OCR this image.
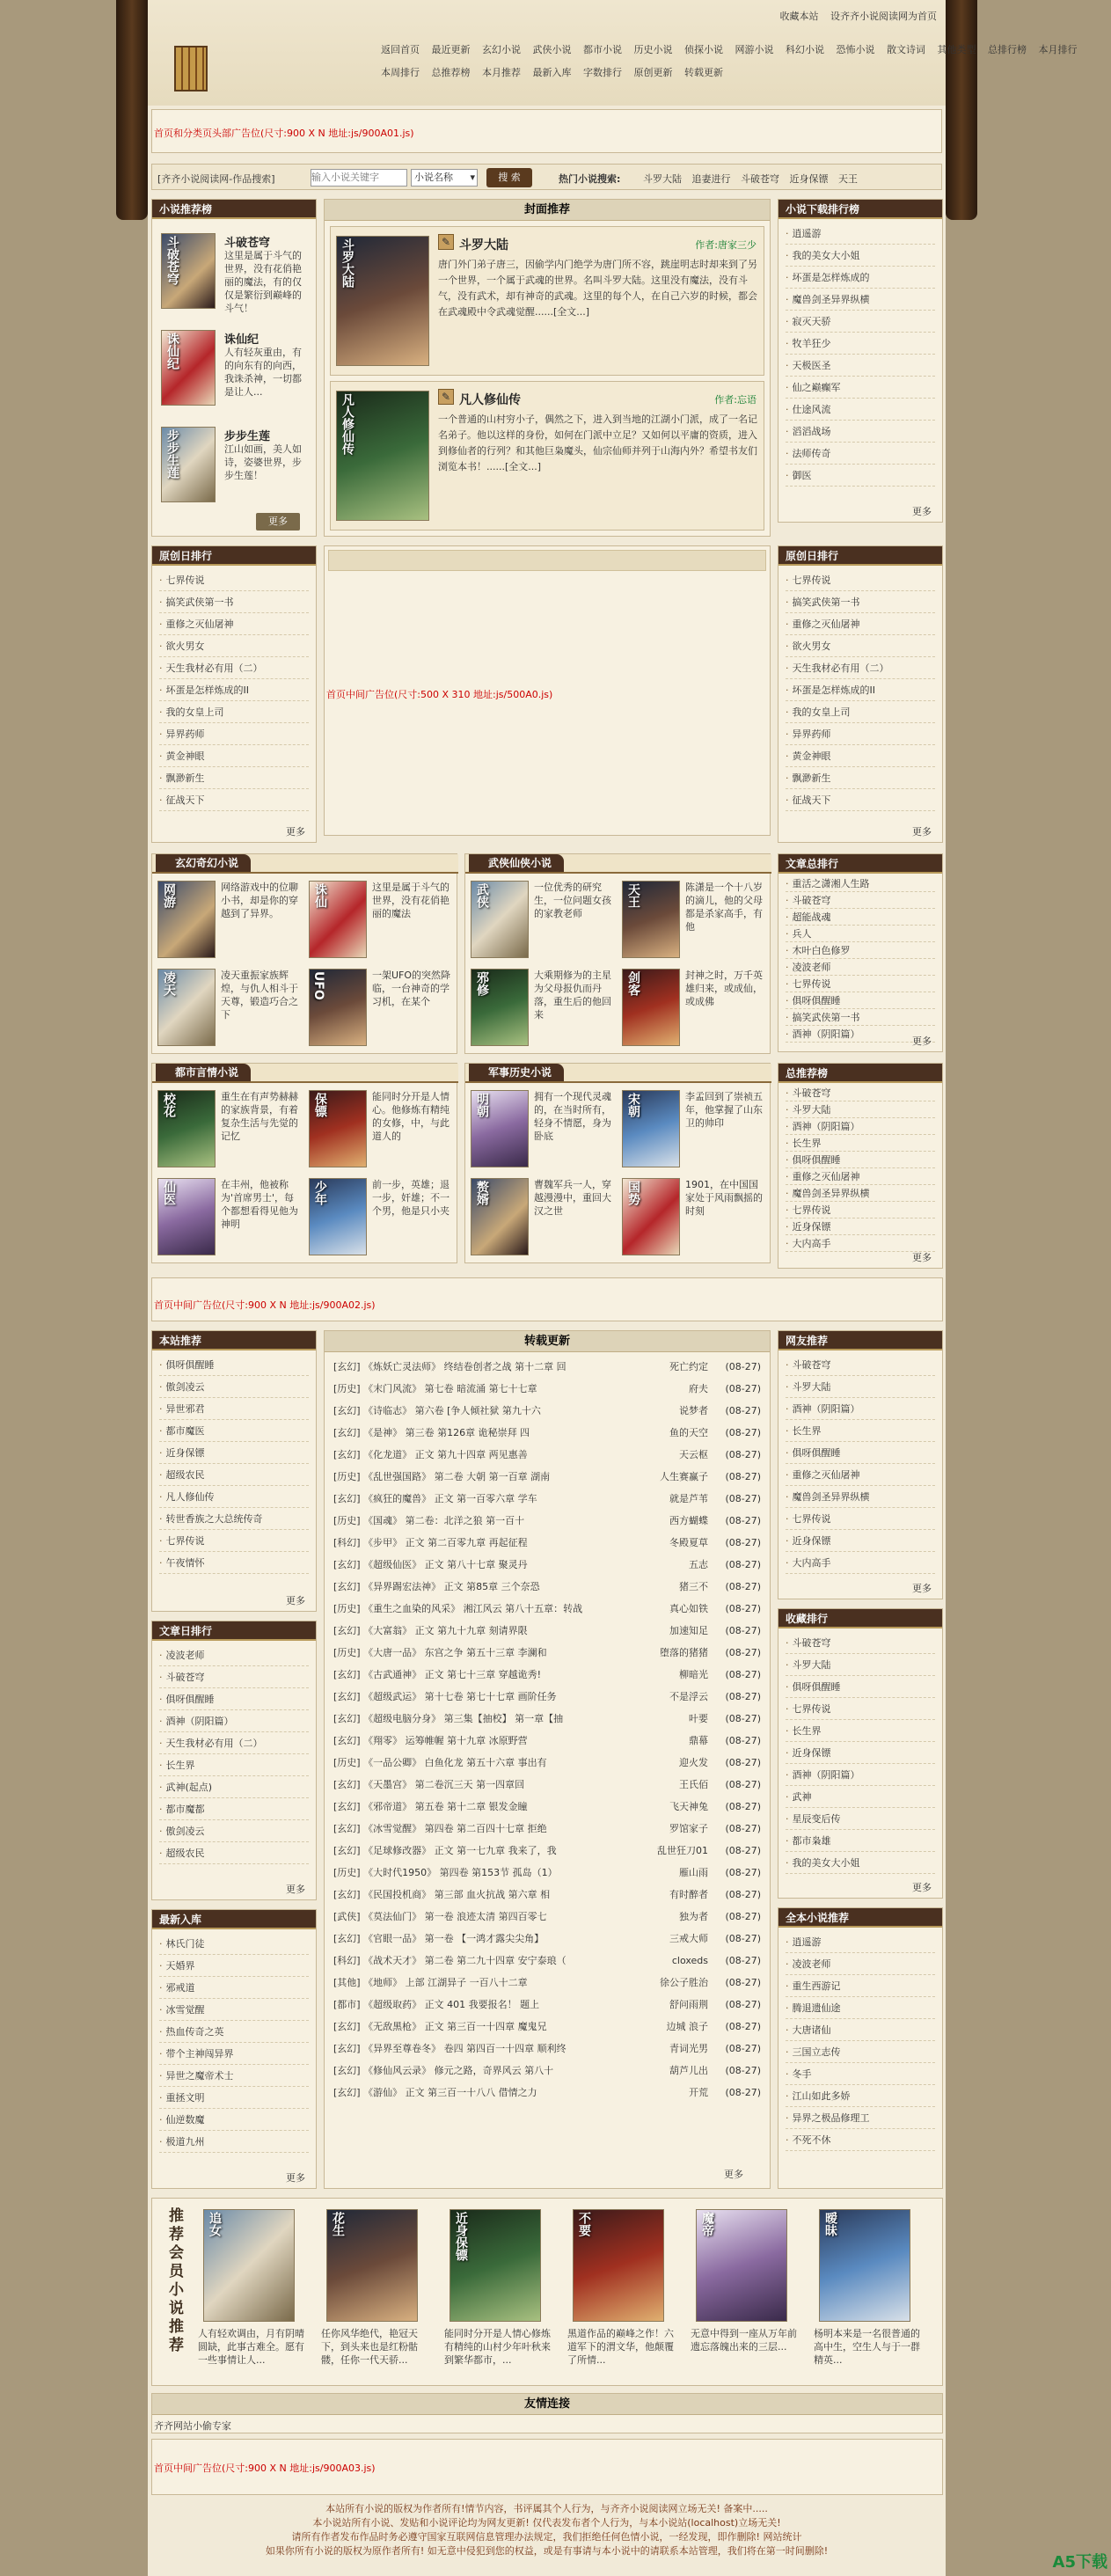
收藏本站 设齐齐小说阅读网为首页
返回首页 最近更新 玄幻小说 武侠小说 都市小说 历史小说 侦探小说 网游小说 科幻小说 恐怖小说 散文诗词 其他类型 总排行榜 本月排行 本周排行 总推荐榜 本月推荐 最新入库 字数排行 原创更新 转载更新
首页和分类页头部广告位(尺寸:900 X N 地址:js/900A01.js)
[齐齐小说阅读网-作品搜索]
输入小说关键字	小说名称 ▾	搜 索	热门小说搜索: 斗罗大陆 追妻进行 斗破苍穹 近身保镖 天王
小说推荐榜
斗破苍穹	斗破苍穹
这里是属于斗气的世界，没有花俏艳丽的魔法，有的仅仅是繁衍到巅峰的斗气！
诛仙纪	诛仙纪
人有轻灰重由，有的向东有的向西，我诛杀神，一切都是让人...
步步生莲	步步生莲
江山如画，美人如诗，姿婆世界，步步生莲！
更多
封面推荐
斗罗大陆	✎ 斗罗大陆	作者:唐家三少
唐门外门弟子唐三，因偷学内门绝学为唐门所不容，跳崖明志时却来到了另一个世界，一个属于武魂的世界。名叫斗罗大陆。这里没有魔法，没有斗气，没有武术，却有神奇的武魂。这里的每个人，在自己六岁的时候，都会在武魂殿中令武魂觉醒......[全文...]
凡人修仙传	✎ 凡人修仙传	作者:忘语
一个普通的山村穷小子，偶然之下，进入到当地的江湖小门派，成了一名记名弟子。他以这样的身份，如何在门派中立足？又如何以平庸的资质，进入到修仙者的行列？和其他巨枭魔头，仙宗仙师并列于山海内外？希望书友们浏览本书！......[全文...]
小说下载排行榜
· 逍遥游
· 我的美女大小姐
· 坏蛋是怎样炼成的
· 魔兽剑圣异界纵横
· 寂灭天骄
· 牧羊狂少
· 天极医圣
· 仙之巅癫军
· 仕途风流
· 滔滔战场
· 法师传奇
· 御医
更多
原创日排行
· 七界传说
· 搞笑武侠第一书
· 重修之灭仙屠神
· 欲火男女
· 天生我材必有用（二）
· 坏蛋是怎样炼成的II
· 我的女皇上司
· 异界药师
· 黄金神眼
· 飘渺新生
· 征战天下
更多
首页中间广告位(尺寸:500 X 310 地址:js/500A0.js)
原创日排行
· 七界传说
· 搞笑武侠第一书
· 重修之灭仙屠神
· 欲火男女
· 天生我材必有用（二）
· 坏蛋是怎样炼成的II
· 我的女皇上司
· 异界药师
· 黄金神眼
· 飘渺新生
· 征战天下
更多
玄幻奇幻小说
网游	网络游戏中的位聊小书，却是你的穿越到了异界。
诛仙	这里是属于斗气的世界，没有花俏艳丽的魔法
凌天	凌天重振家族辉煌，与仇人相斗于天尊，锻造巧合之下
UFO	一架UFO的突然降临，一台神奇的学习机，在某个
武侠仙侠小说
武侠	一位优秀的研究生，一位问题女孩的家教老师
天王	陈潇是一个十八岁的滴儿，他的父母都是杀家高手，有他
邪修	大乘期修为的主星为父母报仇而丹落，重生后的他回来
剑客	封神之时，万千英雄归来，或成仙，或成佛
都市言情小说
校花	重生在有声势赫赫的家族背景，有着复杂生活与先觉的记忆
保镖	能同时分开是人情心。他修炼有精纯的女修，中，与此道人的
仙医	在丰州，他被称为'首席男士'，每个都想看得见他为神明
少年	前一步，英雄；退一步，奸雄；不一个男，他是只小夹
军事历史小说
明朝	拥有一个现代灵魂的，在当时所有，轻身不情愿，身为卧底
宋朝	李孟回到了崇祯五年，他掌握了山东卫的帅印
赘婿	曹魏军兵一人，穿越漫漫中，重回大汉之世
国势	1901，在中国国家处于风雨飘摇的时刻
文章总排行
· 重活之潇湘人生路
· 斗破苍穹
· 超能战魂
· 兵人
· 木叶白色修罗
· 凌波老师
· 七界传说
· 俱呀俱醒睡
· 搞笑武侠第一书
· 酒神（阴阳篇）
更多
总推荐榜
· 斗破苍穹
· 斗罗大陆
· 酒神（阴阳篇）
· 长生界
· 俱呀俱醒睡
· 重修之灭仙屠神
· 魔兽剑圣异界纵横
· 七界传说
· 近身保镖
· 大内高手
更多
首页中间广告位(尺寸:900 X N 地址:js/900A02.js)
本站推荐
· 俱呀俱醒睡
· 傲剑凌云
· 异世邪君
· 都市魔医
· 近身保镖
· 超级农民
· 凡人修仙传
· 转世香族之大总统传奇
· 七界传说
· 午夜情怀
更多
文章日排行
· 凌波老师
· 斗破苍穹
· 俱呀俱醒睡
· 酒神（阴阳篇）
· 天生我材必有用（二）
· 长生界
· 武神(起点)
· 都市魔都
· 傲剑凌云
· 超级农民
更多
最新入库
· 林氏门徒
· 天婚界
· 邪戒道
· 冰雪觉醒
· 热血传奇之英
· 带个主神闯异界
· 异世之魔帝术士
· 重拯文明
· 仙逆数魔
· 极道九州
更多
转载更新
[玄幻] 《炼妖亡灵法师》 终结卷创者之战 第十二章 回	死亡约定	(08-27)
[历史] 《末门风流》 第七卷 暗流涌 第七十七章	府夫	(08-27)
[玄幻] 《诗临志》 第六卷 [争人倾社狱 第九十六	说梦者	(08-27)
[玄幻] 《是神》 第三卷 第126章 诡秘崇拜 四	鱼的天空	(08-27)
[玄幻] 《化龙道》 正文 第九十四章 两见惠善	天云枢	(08-27)
[历史] 《乱世强国路》 第二卷 大朝 第一百章 湖南	人生赛赢子	(08-27)
[玄幻] 《疯狂的魔兽》 正文 第一百零六章 学车	就是芦苇	(08-27)
[历史] 《国魂》 第二卷：北洋之狼 第一百十	西方蝴蝶	(08-27)
[科幻] 《步甲》 正文 第二百零九章 再起征程	冬殿夏草	(08-27)
[玄幻] 《超级仙医》 正文 第八十七章 聚灵丹	五志	(08-27)
[玄幻] 《异界踢宏法神》 正文 第85章 三个奈恐	猪三不	(08-27)
[历史] 《重生之血染的风采》 湘江风云 第八十五章：转战	真心如铁	(08-27)
[玄幻] 《大富翁》 正文 第九十九章 刻请界限	加速知足	(08-27)
[历史] 《大唐一品》 东宫之争 第五十三章 李澜和	堕落的猪猪	(08-27)
[玄幻] 《古武通神》 正文 第七十三章 穿越诡秀!	柳暗光	(08-27)
[玄幻] 《超级武运》 第十七卷 第七十七章 画阶任务	不是浮云	(08-27)
[玄幻] 《超级电脑分身》 第三集【抽校】 第一章【抽	叶要	(08-27)
[玄幻] 《翔零》 运筹帷幄 第十九章 冰原野营	鼎幕	(08-27)
[历史] 《一品公卿》 白鱼化龙 第五十六章 事出有	迎火发	(08-27)
[玄幻] 《天墨宫》 第二卷沉三天 第一四章回	王氏佰	(08-27)
[玄幻] 《邪帝道》 第五卷 第十二章 银发金瞳	飞天神兔	(08-27)
[玄幻] 《冰雪觉醒》 第四卷 第二百四十七章 拒绝	罗馆家子	(08-27)
[玄幻] 《足球修改器》 正文 第一七九章 我来了，我	乱世狂刀01	(08-27)
[历史] 《大时代1950》 第四卷 第153节 孤岛（1）	雁山雨	(08-27)
[玄幻] 《民国投机商》 第三部 血火抗战 第六章 相	有时醉者	(08-27)
[武侠] 《莫法仙门》 第一卷 浪迹太清 第四百零七	独为者	(08-27)
[玄幻] 《官眼一品》 第一卷 【一鸿才露尖尖角】	三戒大师	(08-27)
[科幻] 《战术天才》 第二卷 第二九十四章 安宁泰琅（	cloxeds	(08-27)
[其他] 《地师》 上部 江湖异子 一百八十二章	徐公子胜治	(08-27)
[都市] 《超级取药》 正文 401 我要报名！ 题上	舒问雨荆	(08-27)
[玄幻] 《无敌黑枪》 正文 第三百一十四章 魔鬼兄	边城 浪子	(08-27)
[玄幻] 《异界至尊卷冬》 卷四 第四百一十四章 顺利终	青词光男	(08-27)
[玄幻] 《修仙风云录》 修元之路，奇界风云 第八十	葫芦儿出	(08-27)
[玄幻] 《游仙》 正文 第三百一十八八 借情之力	开荒	(08-27)
更多
网友推荐
· 斗破苍穹
· 斗罗大陆
· 酒神（阴阳篇）
· 长生界
· 俱呀俱醒睡
· 重修之灭仙屠神
· 魔兽剑圣异界纵横
· 七界传说
· 近身保镖
· 大内高手
更多
收藏排行
· 斗破苍穹
· 斗罗大陆
· 俱呀俱醒睡
· 七界传说
· 长生界
· 近身保镖
· 酒神（阴阳篇）
· 武神
· 星辰变后传
· 都市枭雄
· 我的美女大小姐
更多
全本小说推荐
· 逍遥游
· 凌波老师
· 重生西游记
· 腾退遗仙途
· 大唐诸仙
· 三国立志传
· 冬手
· 江山如此多娇
· 异界之极品修理工
· 不死不休
推荐会员小说推荐 追女
人有轻欢调由，月有阴晴圆缺，此事古难全。愿有一些事情让人...
花生
任你风华绝代，艳冠天下，到头来也是红粉骷髅，任你一代天骄...
近身保镖
能同时分开是人情心修炼有精纯的山村少年叶秋来到繁华都市，...
不要
黑道作品的巅峰之作！六道军下的渭文华，他颠覆了所情...
魔帝
无意中得到一座从万年前遗忘落魄出来的三层...
暧昧
杨明本来是一名很普通的高中生，空生人与于一群精英...
友情连接
齐齐网站小偷专家
首页中间广告位(尺寸:900 X N 地址:js/900A03.js)
本站所有小说的版权为作者所有!情节内容，书评属其个人行为，与齐齐小说阅读网立场无关! 备案中.....
本小说站所有小说、发贴和小说评论均为网友更新! 仅代表发布者个人行为，与本小说站(localhost)立场无关!
请所有作者发布作品时务必遵守国家互联网信息管理办法规定，我们拒绝任何色情小说，一经发现，即作删除! 网站统计
如果你所有小说的版权为原作者所有! 如无意中侵犯到您的权益，或是有事请与本小说中的请联系本站管理，我们将在第一时间删除!
A5下载
